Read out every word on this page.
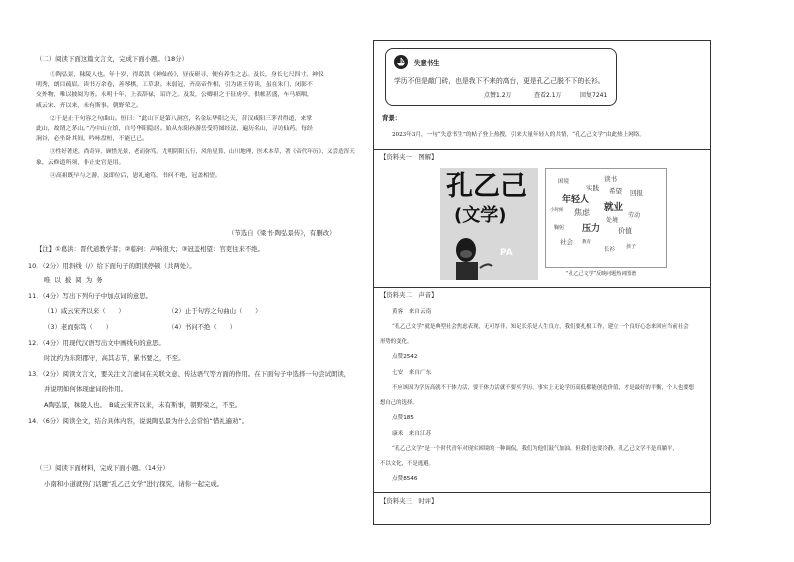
（二）阅读下面这篇文言文，完成下面小题。（18分）
①陶弘景，秣陵人也。年十岁，得葛洪《神仙传》，昼夜研寻，便有养生之志。及长，身长七尺四寸，神仪
明秀，朗目疏眉。读书万余卷，善琴棋，工草隶。未弱冠，齐高帝作相，引为诸王侍读，虽在朱门，闭影不
交外物，唯以披阅为务。永明十年，上表辞禄，诏许之。及发，公卿祖之于征虏亭，供帐甚盛，车马填咽，
咸云宋、齐以来，未有斯事。朝野荣之。
②于是止于句容之句曲山。恒曰：“此山下是第八洞宫，名金坛华阳之天，昔汉咸阳三茅君得道，来掌
此山，故谓之茅山。”乃中山立馆，自号华阳隐居。始从东阳孙游岳受符图经法，遍历名山，寻访仙药。每经
涧谷，必坐卧其间，吟咏盘桓，不能已已。
③性好著述，尚奇异，顾惜光景，老而弥笃。尤明阴阳五行，风角星算，山川地理，医术本草，著《帝代年历》，又尝造浑天
象，云修道所须，非止史官是用。
④高祖既早与之游，及即位后，恩礼逾笃，书问不绝，冠盖相望。
（节选自《梁书·陶弘景传》，有删改）
【注】①葛洪：晋代道教学者；②临轲：声响很大；③冠盖相望：官吏往来不绝。
10．（2分）用斜线（/）给下面句子的朗读停顿（共两处）。
唯 以 披 阅 为 务
11．（4分）写出下列句子中加点词的意思。
（1）咸云宋齐以来（　　）	（2）止于句容之句曲山（　　）
（3）老而弥笃（　　）	（4）书问不绝（　　）
12．（4分）用现代汉语写出文中画线句的意思。
时沈约为东阳郡守，高其志节，累书要之，不至。
13．（2分）阅读文言文，要关注文言虚词在关联文意、传达语气等方面的作用。在下面句子中选择一句尝试朗读，
并说明如何体现虚词的作用。
A陶弘景，秣陵人也。　B咸云宋齐以来，未有斯事，朝野荣之，不至。
14．（6分）阅读全文，结合具体内容，说说陶弘景为什么会常怕“惜礼遍劝”。
（三）阅读下面材料，完成下面小题。（14分）
小南和小道就热门话题“孔乙己文学”进行探究，请你一起完成。
失意书生
学历不但是敲门砖，也是我下不来的高台，更是孔乙己脱不下的长衫。
点赞1.2万	查看2.1万	回复7241
背景：
2023年3月，一句“失意书生”的帖子登上热搜，引来大量年轻人的共情，“孔乙己文学”由此热上网络。
【资料夹一　图解】
孔乙己
(文学)
PA
困境	读书
实践
年轻人
希望 回报
小时候 焦虑 就业
劳动
鞠躬 压力
处境
价值
社会 教育
长衫 孩子
“孔乙己文学”反映问题热词图谱
【资料夹二　声音】
黄客　来自云南
“孔乙己文学”就是典型社会焦虑表现，无可厚非，知足长乐是人生良方，我们要扎根工作，建立一个良好心态来回应当前社会
形势的变化。
点赞2542
七安　来自广东
不应该因为学历高就不干体力活，要干体力活就不要买学历。事实上无论学历高低都能创造价值，才是最好的平衡，个人也要想
想自己的选择。
点赞185
康米　来自江苏
“孔乙己文学”是一个时代青年对现实困境的一种调侃，我们为他们鼓气加油，但我们也要冷静，孔乙己文学不是真躺平，
不以文化，不是逃避。
点赞8546
【资料夹三　时评】
